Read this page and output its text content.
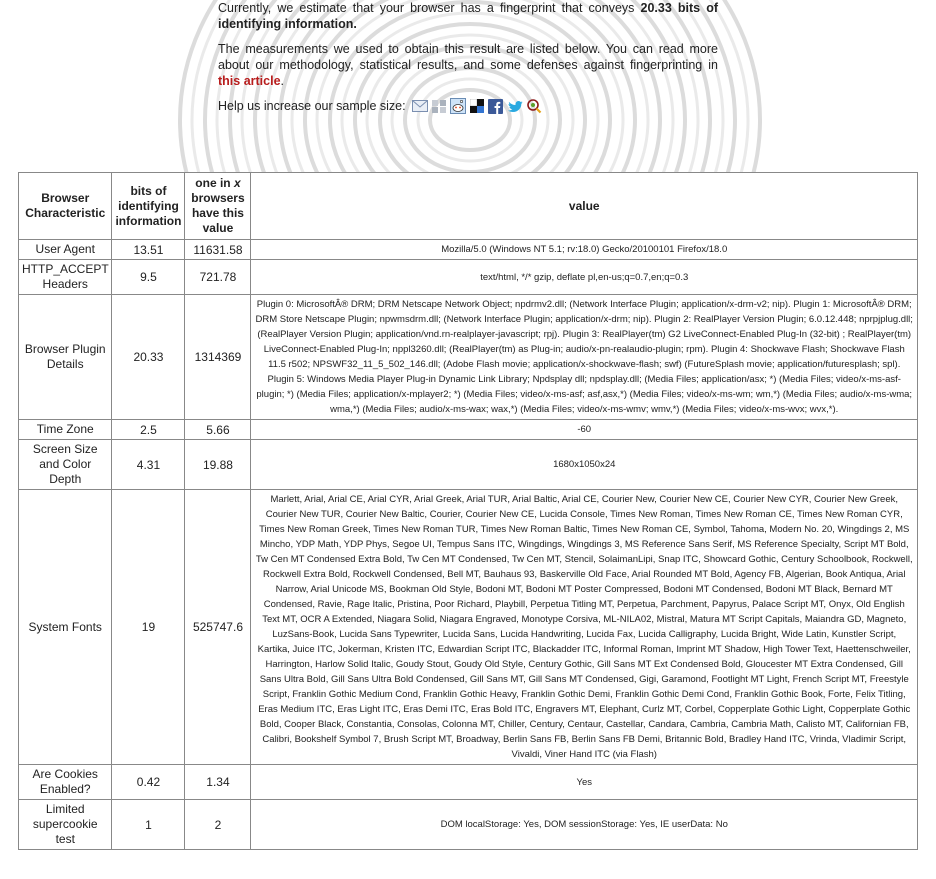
Currently, we estimate that your browser has a fingerprint that conveys 20.33 bits of identifying information.

The measurements we used to obtain this result are listed below. You can read more about our methodology, statistical results, and some defenses against fingerprinting in this article.

Help us increase our sample size:
Browser Characteristic	bits of identifying information	one in x browsers have this value	value
User Agent	13.51	11631.58	Mozilla/5.0 (Windows NT 5.1; rv:18.0) Gecko/20100101 Firefox/18.0
HTTP_ACCEPT Headers	9.5	721.78	text/html, */* gzip, deflate pl,en-us;q=0.7,en;q=0.3
Browser Plugin Details	20.33	1314369	Plugin 0: MicrosoftÂ® DRM; DRM Netscape Network Object; npdrmv2.dll; (Network Interface Plugin; application/x-drm-v2; nip). Plugin 1: MicrosoftÂ® DRM; DRM Store Netscape Plugin; npwmsdrm.dll; (Network Interface Plugin; application/x-drm; nip). Plugin 2: RealPlayer Version Plugin; 6.0.12.448; nprpjplug.dll; (RealPlayer Version Plugin; application/vnd.rn-realplayer-javascript; rpj). Plugin 3: RealPlayer(tm) G2 LiveConnect-Enabled Plug-In (32-bit) ; RealPlayer(tm) LiveConnect-Enabled Plug-In; nppl3260.dll; (RealPlayer(tm) as Plug-in; audio/x-pn-realaudio-plugin; rpm). Plugin 4: Shockwave Flash; Shockwave Flash 11.5 r502; NPSWF32_11_5_502_146.dll; (Adobe Flash movie; application/x-shockwave-flash; swf) (FutureSplash movie; application/futuresplash; spl). Plugin 5: Windows Media Player Plug-in Dynamic Link Library; Npdsplay dll; npdsplay.dll; (Media Files; application/asx; *) (Media Files; video/x-ms-asf-plugin; *) (Media Files; application/x-mplayer2; *) (Media Files; video/x-ms-asf; asf,asx,*) (Media Files; video/x-ms-wm; wm,*) (Media Files; audio/x-ms-wma; wma,*) (Media Files; audio/x-ms-wax; wax,*) (Media Files; video/x-ms-wmv; wmv,*) (Media Files; video/x-ms-wvx; wvx,*).
Time Zone	2.5	5.66	-60
Screen Size and Color Depth	4.31	19.88	1680x1050x24
System Fonts	19	525747.6	Marlett, Arial, Arial CE, Arial CYR, Arial Greek, Arial TUR, Arial Baltic, Arial CE, Courier New, Courier New CE, Courier New CYR, Courier New Greek, Courier New TUR, Courier New Baltic, Courier, Courier New CE, Lucida Console, Times New Roman, Times New Roman CE, Times New Roman CYR, Times New Roman Greek, Times New Roman TUR, Times New Roman Baltic, Times New Roman CE, Symbol, Tahoma, Modern No. 20, Wingdings 2, MS Mincho, YDP Math, YDP Phys, Segoe UI, Tempus Sans ITC, Wingdings, Wingdings 3, MS Reference Sans Serif, MS Reference Specialty, Script MT Bold, Tw Cen MT Condensed Extra Bold, Tw Cen MT Condensed, Tw Cen MT, Stencil, SolaimanLipi, Snap ITC, Showcard Gothic, Century Schoolbook, Rockwell, Rockwell Extra Bold, Rockwell Condensed, Bell MT, Bauhaus 93, Baskerville Old Face, Arial Rounded MT Bold, Agency FB, Algerian, Book Antiqua, Arial Narrow, Arial Unicode MS, Bookman Old Style, Bodoni MT, Bodoni MT Poster Compressed, Bodoni MT Condensed, Bodoni MT Black, Bernard MT Condensed, Ravie, Rage Italic, Pristina, Poor Richard, Playbill, Perpetua Titling MT, Perpetua, Parchment, Papyrus, Palace Script MT, Onyx, Old English Text MT, OCR A Extended, Niagara Solid, Niagara Engraved, Monotype Corsiva, ML-NILA02, Mistral, Matura MT Script Capitals, Maiandra GD, Magneto, LuzSans-Book, Lucida Sans Typewriter, Lucida Sans, Lucida Handwriting, Lucida Fax, Lucida Calligraphy, Lucida Bright, Wide Latin, Kunstler Script, Kartika, Juice ITC, Jokerman, Kristen ITC, Edwardian Script ITC, Blackadder ITC, Informal Roman, Imprint MT Shadow, High Tower Text, Haettenschweiler, Harrington, Harlow Solid Italic, Goudy Stout, Goudy Old Style, Century Gothic, Gill Sans MT Ext Condensed Bold, Gloucester MT Extra Condensed, Gill Sans Ultra Bold, Gill Sans Ultra Bold Condensed, Gill Sans MT, Gill Sans MT Condensed, Gigi, Garamond, Footlight MT Light, French Script MT, Freestyle Script, Franklin Gothic Medium Cond, Franklin Gothic Heavy, Franklin Gothic Demi, Franklin Gothic Demi Cond, Franklin Gothic Book, Forte, Felix Titling, Eras Medium ITC, Eras Light ITC, Eras Demi ITC, Eras Bold ITC, Engravers MT, Elephant, Curlz MT, Corbel, Copperplate Gothic Light, Copperplate Gothic Bold, Cooper Black, Constantia, Consolas, Colonna MT, Chiller, Century, Centaur, Castellar, Candara, Cambria, Cambria Math, Calisto MT, Californian FB, Calibri, Bookshelf Symbol 7, Brush Script MT, Broadway, Berlin Sans FB, Berlin Sans FB Demi, Britannic Bold, Bradley Hand ITC, Vrinda, Vladimir Script, Vivaldi, Viner Hand ITC (via Flash)
Are Cookies Enabled?	0.42	1.34	Yes
Limited supercookie test	1	2	DOM localStorage: Yes, DOM sessionStorage: Yes, IE userData: No
